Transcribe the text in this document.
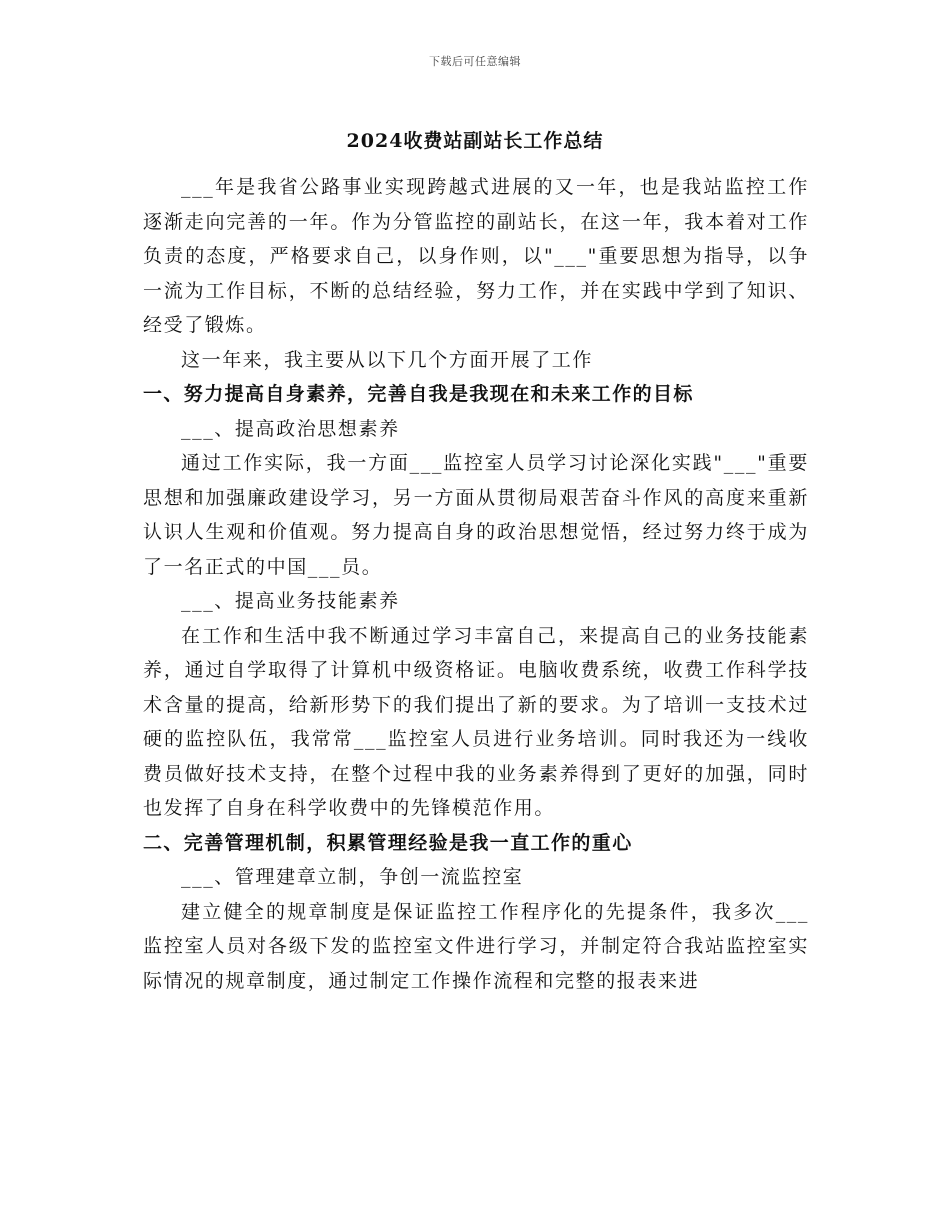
下载后可任意编辑
2024收费站副站长工作总结

___年是我省公路事业实现跨越式进展的又一年，也是我站监控工作逐渐走向完善的一年。作为分管监控的副站长，在这一年，我本着对工作负责的态度，严格要求自己，以身作则，以"___"重要思想为指导，以争一流为工作目标，不断的总结经验，努力工作，并在实践中学到了知识、经受了锻炼。

这一年来，我主要从以下几个方面开展了工作

一、努力提高自身素养，完善自我是我现在和未来工作的目标

___、提高政治思想素养

通过工作实际，我一方面___监控室人员学习讨论深化实践"___"重要思想和加强廉政建设学习，另一方面从贯彻局艰苦奋斗作风的高度来重新认识人生观和价值观。努力提高自身的政治思想觉悟，经过努力终于成为了一名正式的中国___员。

___、提高业务技能素养

在工作和生活中我不断通过学习丰富自己，来提高自己的业务技能素养，通过自学取得了计算机中级资格证。电脑收费系统，收费工作科学技术含量的提高，给新形势下的我们提出了新的要求。为了培训一支技术过硬的监控队伍，我常常___监控室人员进行业务培训。同时我还为一线收费员做好技术支持，在整个过程中我的业务素养得到了更好的加强，同时也发挥了自身在科学收费中的先锋模范作用。

二、完善管理机制，积累管理经验是我一直工作的重心

___、管理建章立制，争创一流监控室

建立健全的规章制度是保证监控工作程序化的先提条件，我多次___监控室人员对各级下发的监控室文件进行学习，并制定符合我站监控室实际情况的规章制度，通过制定工作操作流程和完整的报表来进
